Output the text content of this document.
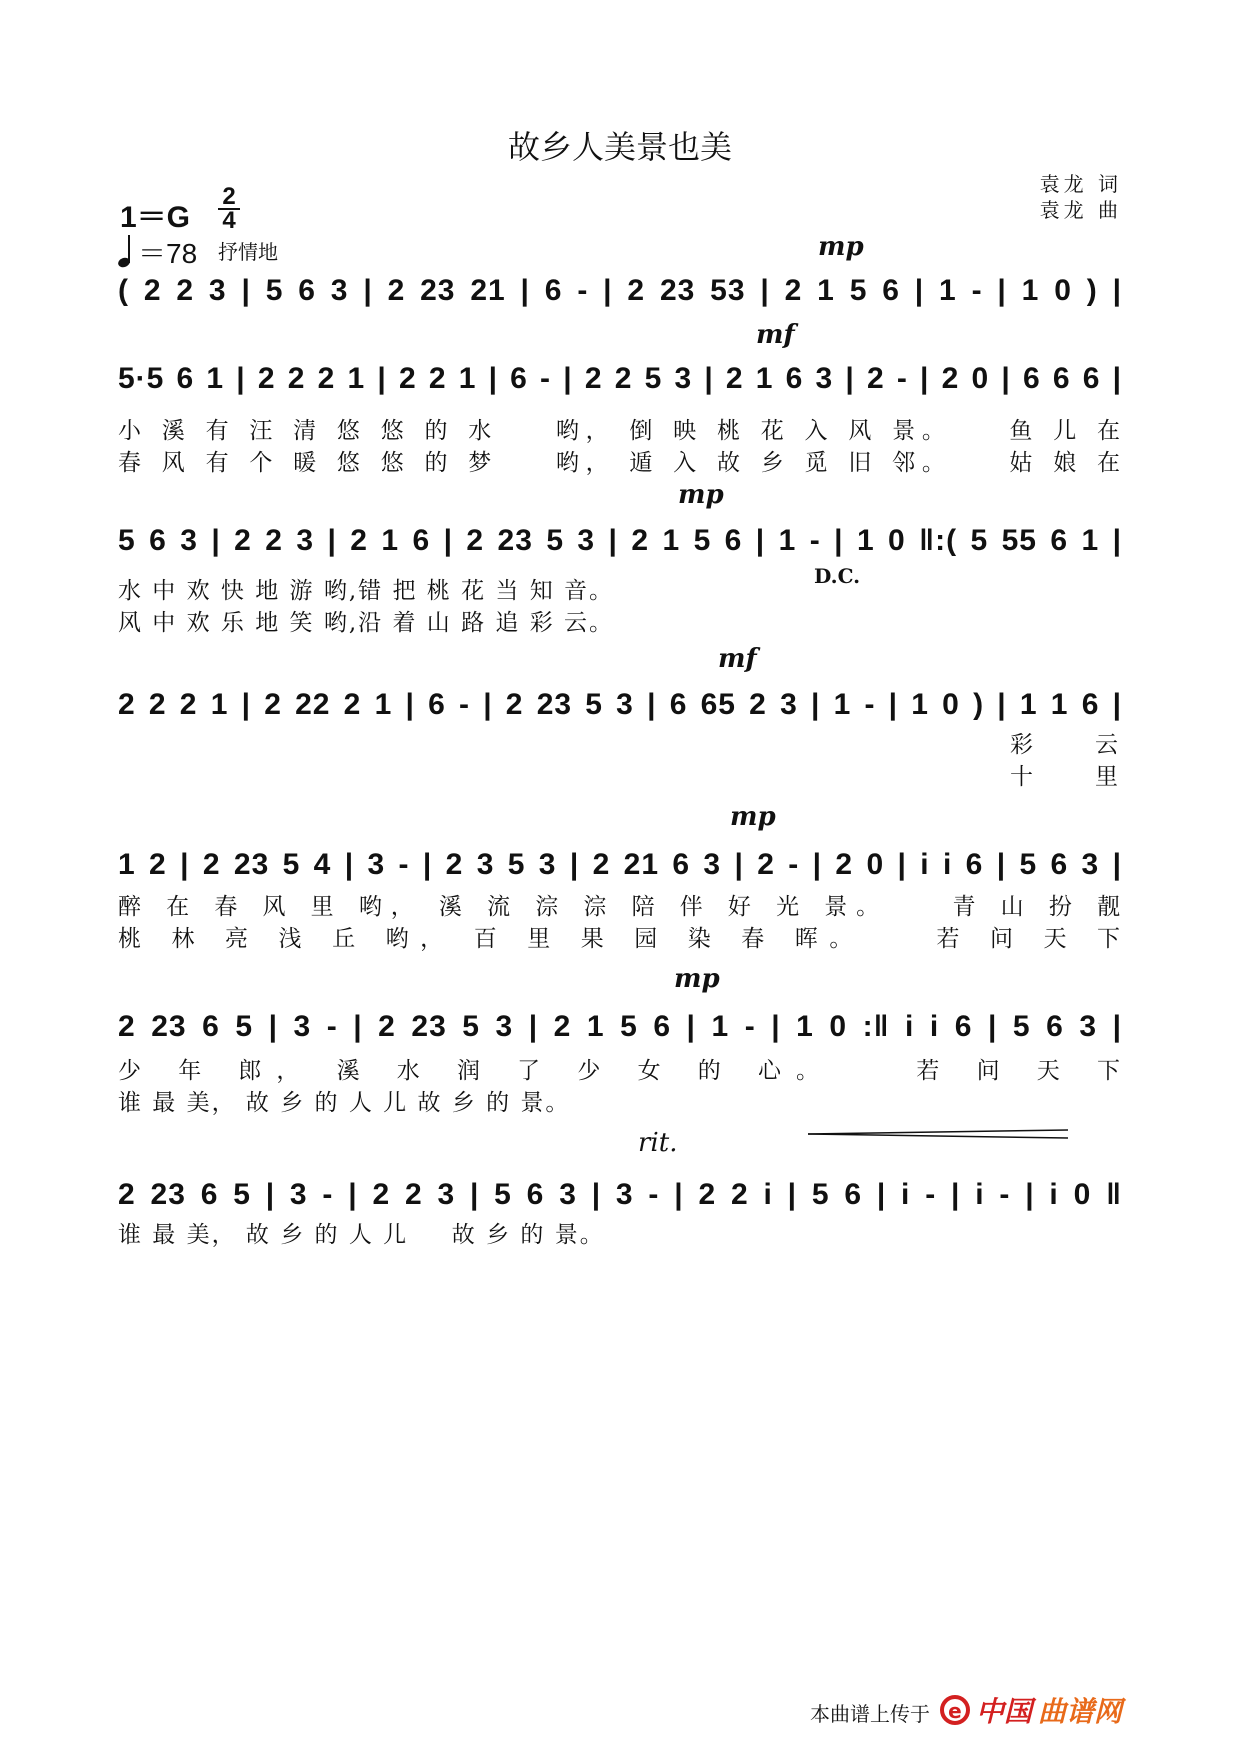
故乡人美景也美
1＝G
2
4
＝78 抒情地
袁龙 词
袁龙 曲
mp
( 2 2 3 | 5 6 3 | 2 23 21 | 6 - | 2 23 53 | 2 1 5 6 | 1 - | 1 0 ) |
mf
5·5 6 1 | 2 2 2 1 | 2 2 1 | 6 - | 2 2 5 3 | 2 1 6 3 | 2 - | 2 0 | 6 6 6 |
小 溪 有 汪 清 悠 悠 的 水 　 哟， 倒 映 桃 花 入 风 景。 　 鱼 儿 在
春 风 有 个 暖 悠 悠 的 梦 　 哟， 遁 入 故 乡 觅 旧 邻。 　 姑 娘 在
mp
D.C.
5 6 3 | 2 2 3 | 2 1 6 | 2 23 5 3 | 2 1 5 6 | 1 - | 1 0 ‖:( 5 55 6 1 |
水 中 欢 快 地 游 哟,错 把 桃 花 当 知 音。
风 中 欢 乐 地 笑 哟,沿 着 山 路 追 彩 云。
mf
2 2 2 1 | 2 22 2 1 | 6 - | 2 23 5 3 | 6 65 2 3 | 1 - | 1 0 ) | 1 1 6 |
彩 云
十 里
mp
1 2 | 2 23 5 4 | 3 - | 2 3 5 3 | 2 21 6 3 | 2 - | 2 0 | i i 6 | 5 6 3 |
醉 在 春 风 里 哟， 溪 流 淙 淙 陪 伴 好 光 景。 　 青 山 扮 靓
桃 林 亮 浅 丘 哟， 百 里 果 园 染 春 晖。 　 若 问 天 下
mp
2 23 6 5 | 3 - | 2 23 5 3 | 2 1 5 6 | 1 - | 1 0 :‖ i i 6 | 5 6 3 |
少 年 郎， 溪 水 润 了 少 女 的 心。 　 若 问 天 下
谁 最 美， 故 乡 的 人 儿 故 乡 的 景。
rit.
2 23 6 5 | 3 - | 2 2 3 | 5 6 3 | 3 - | 2 2 i | 5 6 | i - | i - | i 0 ‖
谁 最 美， 故 乡 的 人 儿 　 故 乡 的 景。
本曲谱上传于 e 中国 曲谱网
